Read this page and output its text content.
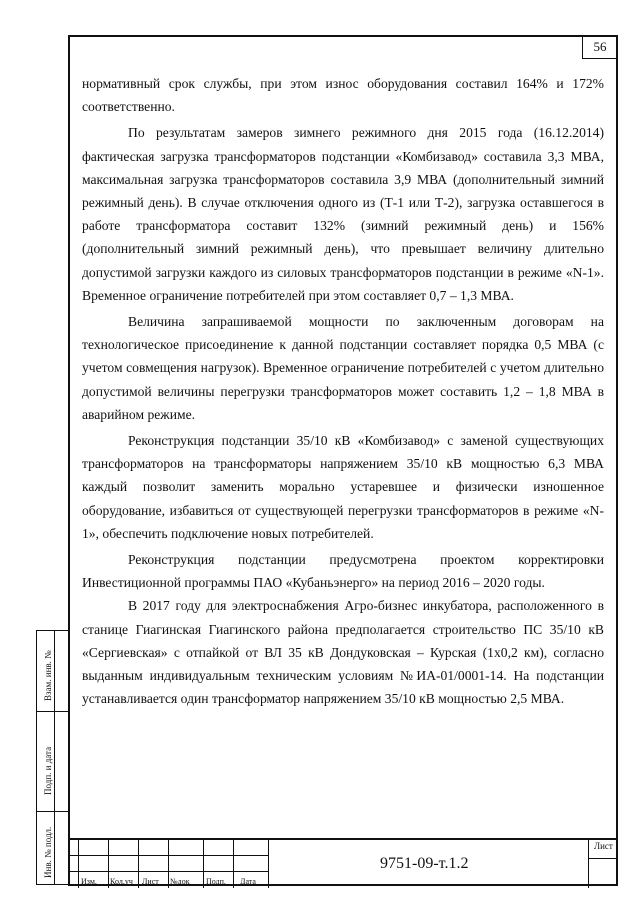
56

нормативный срок службы, при этом износ оборудования составил 164% и 172% соответственно.

По результатам замеров зимнего режимного дня 2015 года (16.12.2014) фактическая загрузка трансформаторов подстанции «Комбизавод» составила 3,3 МВА, максимальная загрузка трансформаторов составила 3,9 МВА (дополнительный зимний режимный день). В случае отключения одного из (Т-1 или Т-2), загрузка оставшегося в работе трансформатора составит 132% (зимний режимный день) и 156% (дополнительный зимний режимный день), что превышает величину длительно допустимой загрузки каждого из силовых трансформаторов подстанции в режиме «N-1». Временное ограничение потребителей при этом составляет 0,7 – 1,3 МВА.

Величина запрашиваемой мощности по заключенным договорам на технологическое присоединение к данной подстанции составляет порядка 0,5 МВА (с учетом совмещения нагрузок). Временное ограничение потребителей с учетом длительно допустимой величины перегрузки трансформаторов может составить 1,2 – 1,8 МВА в аварийном режиме.

Реконструкция подстанции 35/10 кВ «Комбизавод» с заменой существующих трансформаторов на трансформаторы напряжением 35/10 кВ мощностью 6,3 МВА каждый позволит заменить морально устаревшее и физически изношенное оборудование, избавиться от существующей перегрузки трансформаторов в режиме «N-1», обеспечить подключение новых потребителей.

Реконструкция подстанции предусмотрена проектом корректировки Инвестиционной программы ПАО «Кубаньэнерго» на период 2016 – 2020 годы.

В 2017 году для электроснабжения Агро-бизнес инкубатора, расположенного в станице Гиагинская Гиагинского района предполагается строительство ПС 35/10 кВ «Сергиевская» с отпайкой от ВЛ 35 кВ Дондуковская – Курская (1х0,2 км), согласно выданным индивидуальным техническим условиям №ИА-01/0001-14. На подстанции устанавливается один трансформатор напряжением 35/10 кВ мощностью 2,5 МВА.

Взам. инв. №
Подп. и дата
Инв. № подл.
Изм. Кол.уч Лист №док Подп. Дата
9751-09-т.1.2
Лист
